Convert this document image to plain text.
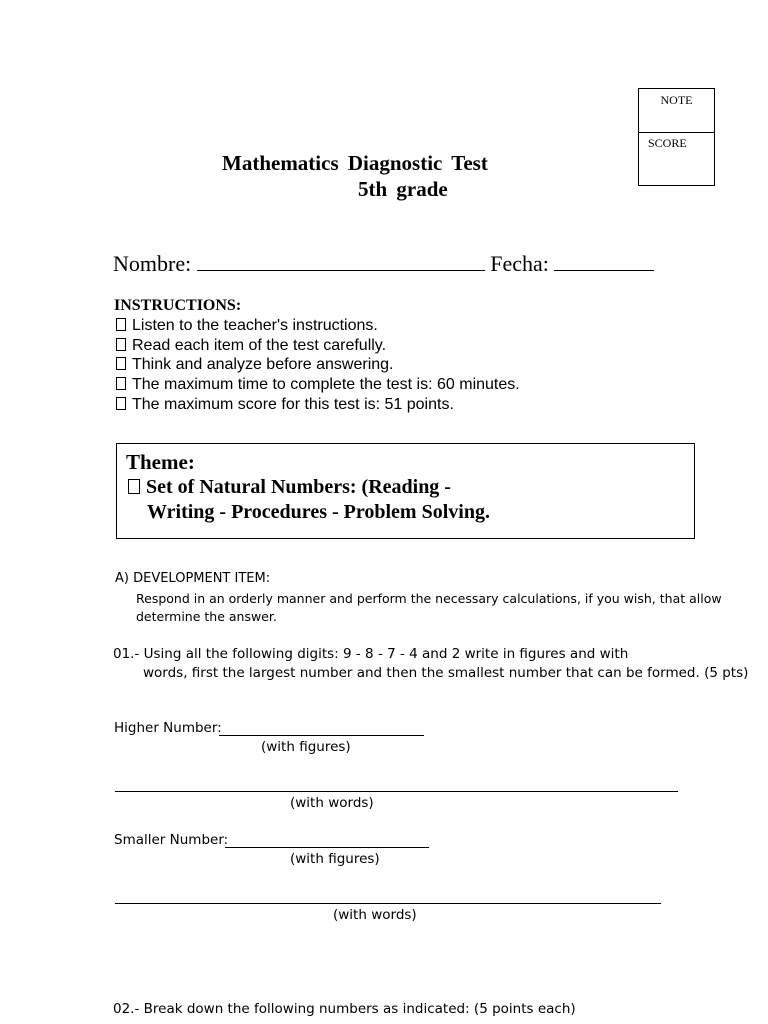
NOTE
SCORE
Mathematics Diagnostic Test
5th grade
Nombre:	Fecha:
INSTRUCTIONS:
Listen to the teacher's instructions.
Read each item of the test carefully.
Think and analyze before answering.
The maximum time to complete the test is: 60 minutes.
The maximum score for this test is: 51 points.
Theme:
Set of Natural Numbers: (Reading -
Writing - Procedures - Problem Solving.
A) DEVELOPMENT ITEM:
Respond in an orderly manner and perform the necessary calculations, if you wish, that allow
determine the answer.
01.- Using all the following digits: 9 - 8 - 7 - 4 and 2 write in figures and with
words, first the largest number and then the smallest number that can be formed. (5 pts)
Higher Number:
(with figures)
(with words)
Smaller Number:
(with figures)
(with words)
02.- Break down the following numbers as indicated: (5 points each)
